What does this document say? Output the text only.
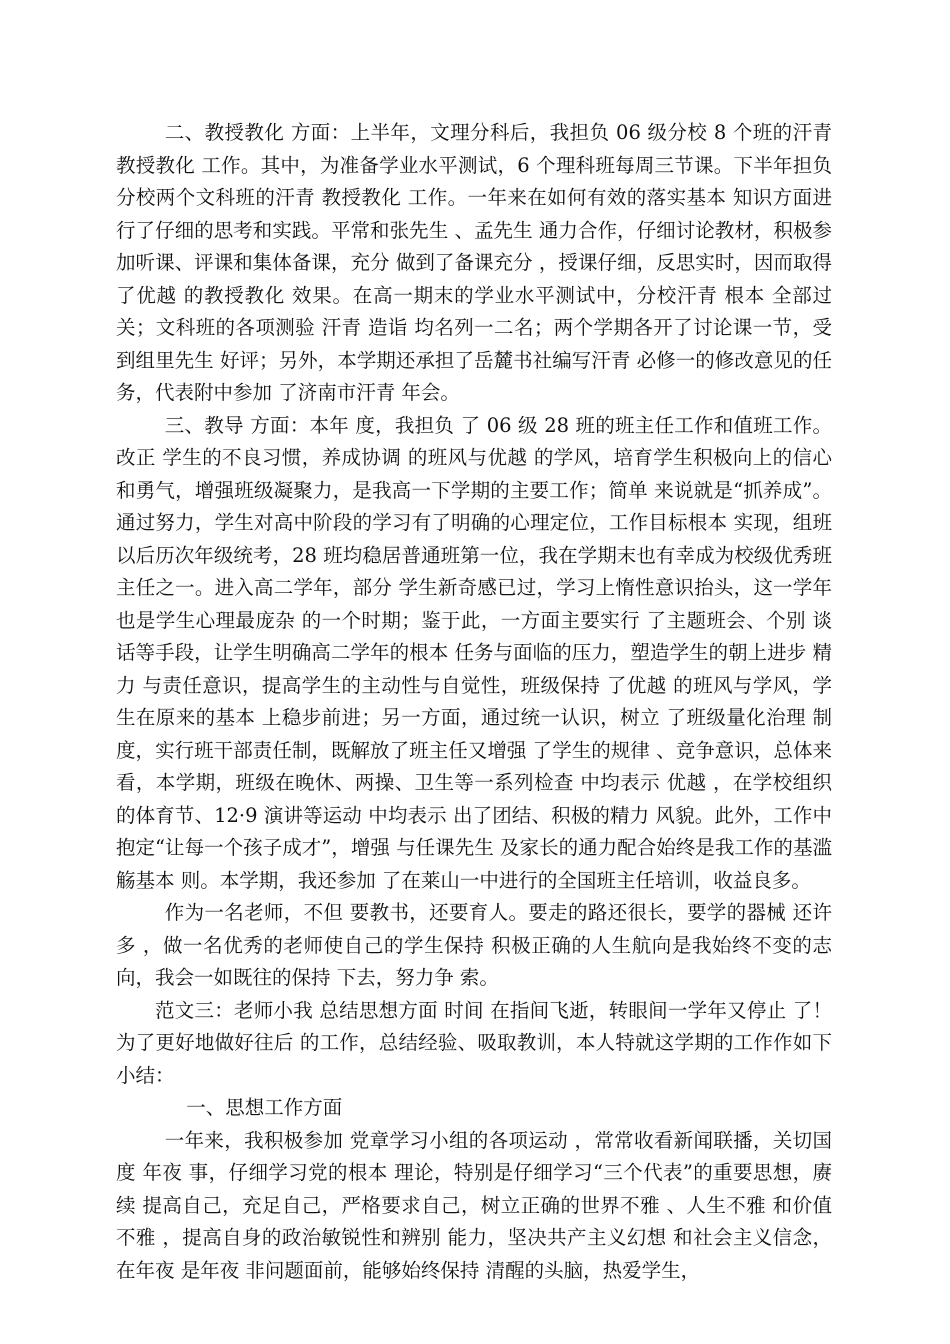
二、教授教化 方面：上半年，文理分科后，我担负 06 级分校 8 个班的汗青 教授教化 工作。其中，为准备学业水平测试，6 个理科班每周三节课。下半年担负 分校两个文科班的汗青 教授教化 工作。一年来在如何有效的落实基本 知识方面进行了仔细的思考和实践。平常和张先生 、孟先生 通力合作，仔细讨论教材，积极参加听课、评课和集体备课，充分 做到了备课充分 ，授课仔细，反思实时，因而取得了优越 的教授教化 效果。在高一期末的学业水平测试中，分校汗青 根本 全部过关；文科班的各项测验 汗青 造诣 均名列一二名；两个学期各开了讨论课一节，受到组里先生 好评；另外，本学期还承担了岳麓书社编写汗青 必修一的修改意见的任务，代表附中参加 了济南市汗青 年会。

三、教导 方面：本年 度，我担负 了 06 级 28 班的班主任工作和值班工作。改正 学生的不良习惯，养成协调 的班风与优越 的学风，培育学生积极向上的信心和勇气，增强班级凝聚力，是我高一下学期的主要工作；简单 来说就是“抓养成”。通过努力，学生对高中阶段的学习有了明确的心理定位，工作目标根本 实现，组班以后历次年级统考，28 班均稳居普通班第一位，我在学期末也有幸成为校级优秀班主任之一。进入高二学年，部分 学生新奇感已过，学习上惰性意识抬头，这一学年也是学生心理最庞杂 的一个时期；鉴于此，一方面主要实行 了主题班会、个别 谈话等手段，让学生明确高二学年的根本 任务与面临的压力，塑造学生的朝上进步 精力 与责任意识，提高学生的主动性与自觉性，班级保持 了优越 的班风与学风，学生在原来的基本 上稳步前进；另一方面，通过统一认识，树立 了班级量化治理 制度，实行班干部责任制，既解放了班主任又增强 了学生的规律 、竞争意识，总体来看，本学期，班级在晚休、两操、卫生等一系列检查 中均表示 优越 ，在学校组织的体育节、12·9 演讲等运动 中均表示 出了团结、积极的精力 风貌。此外，工作中抱定“让每一个孩子成才”，增强 与任课先生 及家长的通力配合始终是我工作的基滥觞基本 则。本学期，我还参加 了在莱山一中进行的全国班主任培训，收益良多。

作为一名老师，不但 要教书，还要育人。要走的路还很长，要学的器械 还许多 ，做一名优秀的老师使自己的学生保持 积极正确的人生航向是我始终不变的志向，我会一如既往的保持 下去，努力争 索。

范文三：老师小我 总结思想方面 时间 在指间飞逝，转眼间一学年又停止 了！为了更好地做好往后 的工作，总结经验、吸取教训，本人特就这学期的工作作如下小结：

一、思想工作方面

一年来，我积极参加 党章学习小组的各项运动 ，常常收看新闻联播，关切国度 年夜 事，仔细学习党的根本 理论，特别是仔细学习“三个代表”的重要思想，赓续 提高自己，充足自己，严格要求自己，树立正确的世界不雅 、人生不雅 和价值不雅 ，提高自身的政治敏锐性和辨别 能力，坚决共产主义幻想 和社会主义信念，在年夜 是年夜 非问题面前，能够始终保持 清醒的头脑，热爱学生，
